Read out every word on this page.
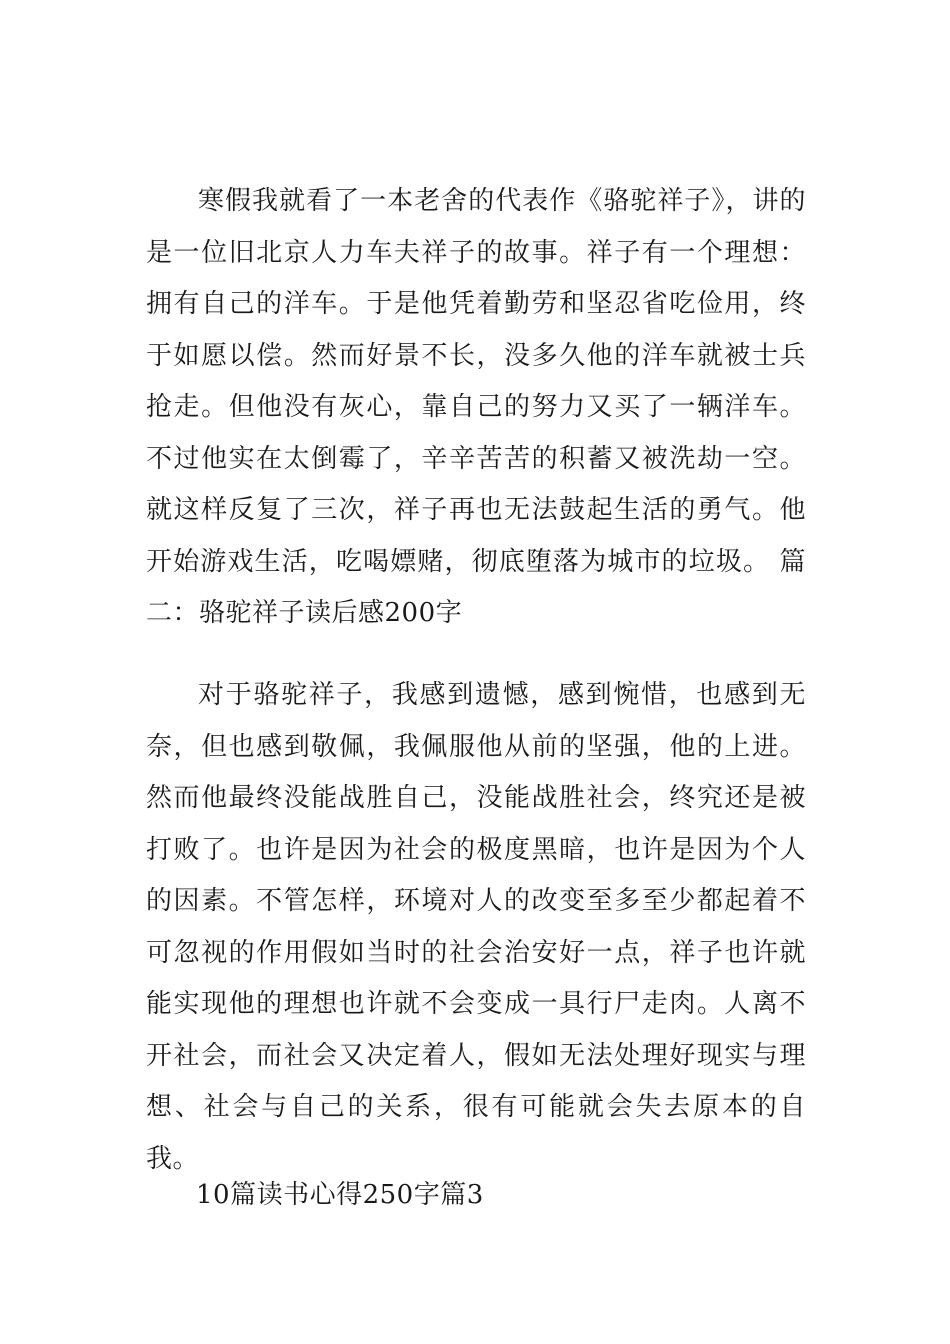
寒假我就看了一本老舍的代表作《骆驼祥子》，讲的是一位旧北京人力车夫祥子的故事。祥子有一个理想：拥有自己的洋车。于是他凭着勤劳和坚忍省吃俭用，终于如愿以偿。然而好景不长，没多久他的洋车就被士兵抢走。但他没有灰心，靠自己的努力又买了一辆洋车。不过他实在太倒霉了，辛辛苦苦的积蓄又被洗劫一空。就这样反复了三次，祥子再也无法鼓起生活的勇气。他开始游戏生活，吃喝嫖赌，彻底堕落为城市的垃圾。 篇二：骆驼祥子读后感200字

对于骆驼祥子，我感到遗憾，感到惋惜，也感到无奈，但也感到敬佩，我佩服他从前的坚强，他的上进。然而他最终没能战胜自己，没能战胜社会，终究还是被打败了。也许是因为社会的极度黑暗，也许是因为个人的因素。不管怎样，环境对人的改变至多至少都起着不可忽视的作用假如当时的社会治安好一点，祥子也许就能实现他的理想也许就不会变成一具行尸走肉。人离不开社会，而社会又决定着人，假如无法处理好现实与理想、社会与自己的关系，很有可能就会失去原本的自我。

10篇读书心得250字篇3
